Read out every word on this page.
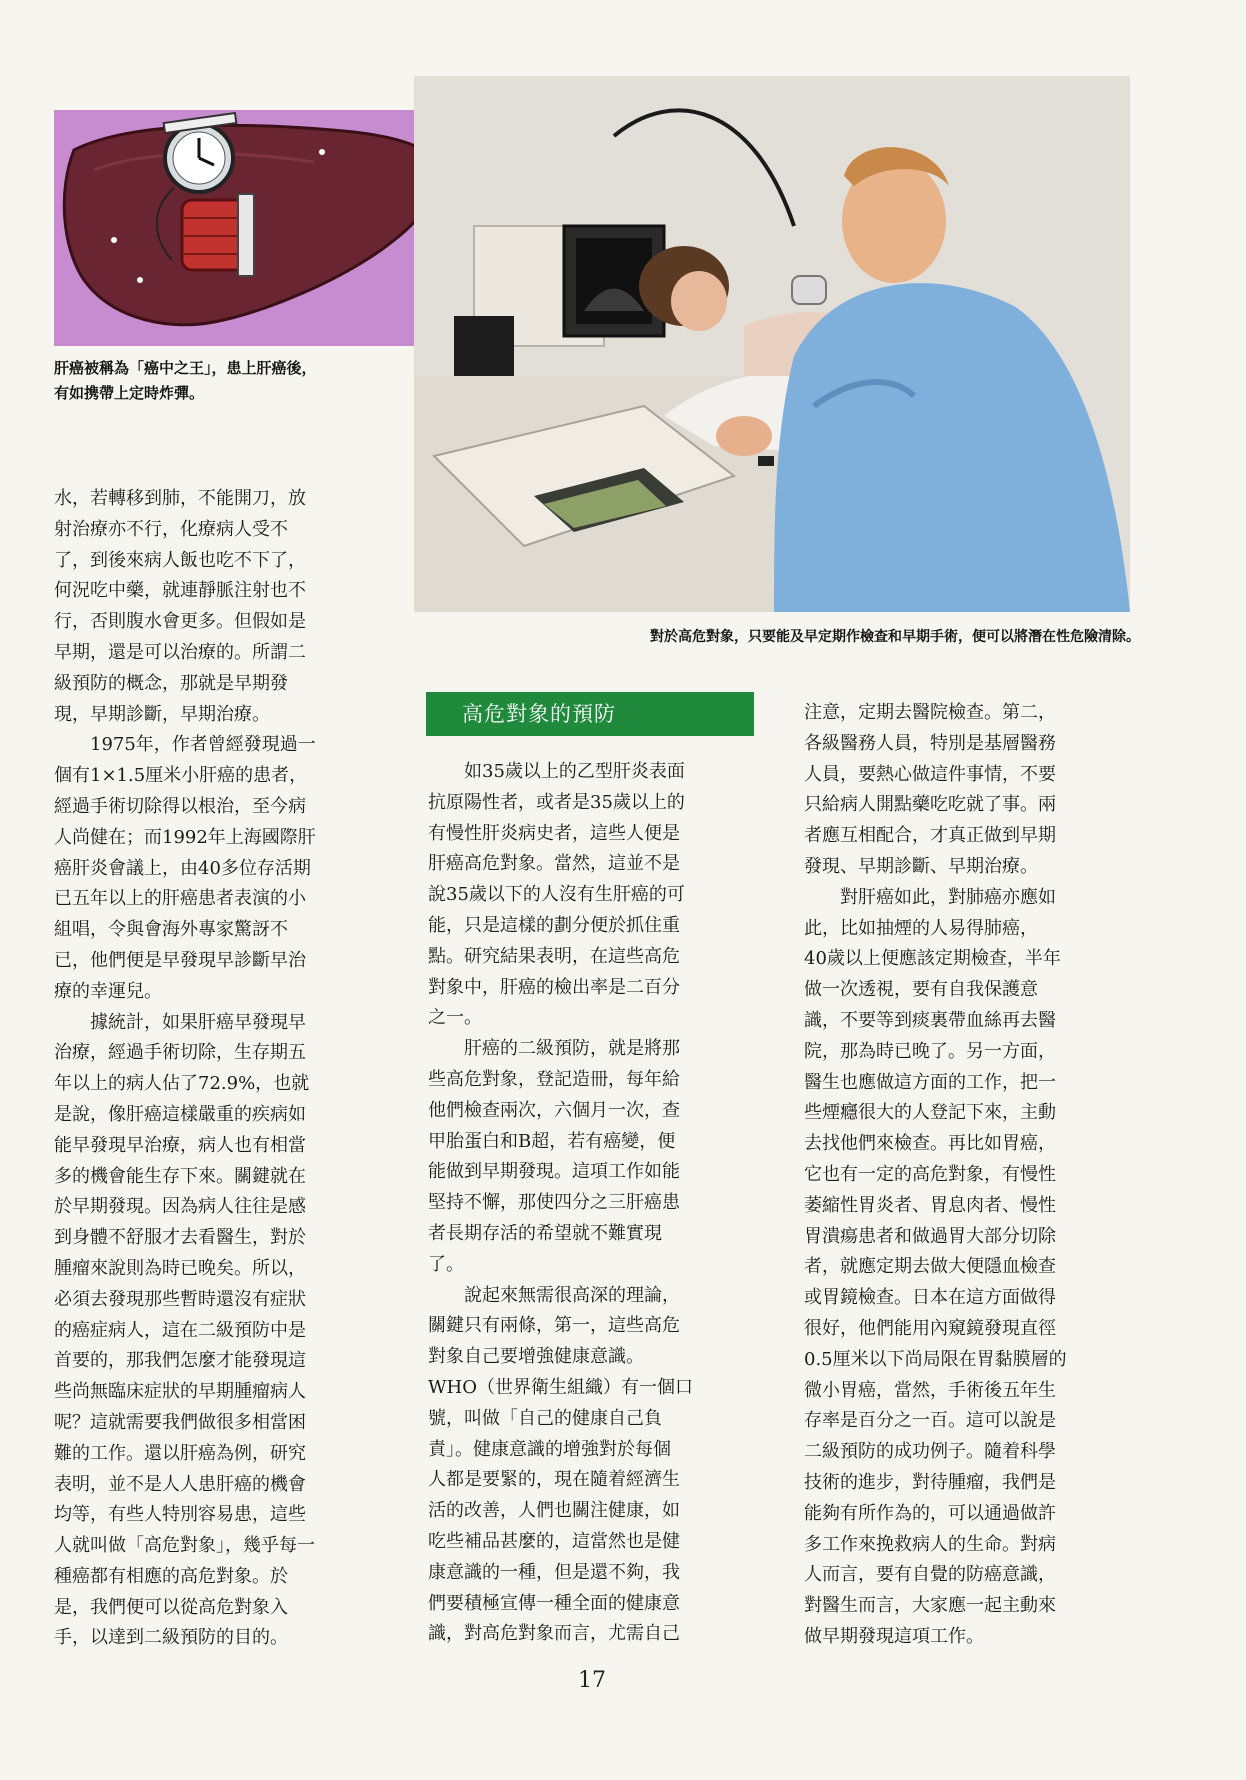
肝癌被稱為「癌中之王」，患上肝癌後，
有如携帶上定時炸彈。
對於高危對象，只要能及早定期作檢查和早期手術，便可以將潛在性危險清除。
高危對象的預防
水，若轉移到肺，不能開刀，放
射治療亦不行，化療病人受不
了，到後來病人飯也吃不下了，
何況吃中藥，就連靜脈注射也不
行，否則腹水會更多。但假如是
早期，還是可以治療的。所謂二
級預防的概念，那就是早期發
現，早期診斷，早期治療。
　　1975年，作者曾經發現過一
個有1×1.5厘米小肝癌的患者，
經過手術切除得以根治，至今病
人尚健在；而1992年上海國際肝
癌肝炎會議上，由40多位存活期
已五年以上的肝癌患者表演的小
組唱，令與會海外專家驚訝不
已，他們便是早發現早診斷早治
療的幸運兒。
　　據統計，如果肝癌早發現早
治療，經過手術切除，生存期五
年以上的病人佔了72.9%，也就
是說，像肝癌這樣嚴重的疾病如
能早發現早治療，病人也有相當
多的機會能生存下來。關鍵就在
於早期發現。因為病人往往是感
到身體不舒服才去看醫生，對於
腫瘤來說則為時已晚矣。所以，
必須去發現那些暫時還沒有症狀
的癌症病人，這在二級預防中是
首要的，那我們怎麼才能發現這
些尚無臨床症狀的早期腫瘤病人
呢？這就需要我們做很多相當困
難的工作。還以肝癌為例，研究
表明，並不是人人患肝癌的機會
均等，有些人特別容易患，這些
人就叫做「高危對象」，幾乎每一
種癌都有相應的高危對象。於
是，我們便可以從高危對象入
手，以達到二級預防的目的。
　　如35歲以上的乙型肝炎表面
抗原陽性者，或者是35歲以上的
有慢性肝炎病史者，這些人便是
肝癌高危對象。當然，這並不是
說35歲以下的人沒有生肝癌的可
能，只是這樣的劃分便於抓住重
點。研究結果表明，在這些高危
對象中，肝癌的檢出率是二百分
之一。
　　肝癌的二級預防，就是將那
些高危對象，登記造冊，每年給
他們檢查兩次，六個月一次，查
甲胎蛋白和B超，若有癌變，便
能做到早期發現。這項工作如能
堅持不懈，那使四分之三肝癌患
者長期存活的希望就不難實現
了。
　　說起來無需很高深的理論，
關鍵只有兩條，第一，這些高危
對象自己要增強健康意識。
WHO（世界衛生組織）有一個口
號，叫做「自己的健康自己負
責」。健康意識的增強對於每個
人都是要緊的，現在隨着經濟生
活的改善，人們也關注健康，如
吃些補品甚麼的，這當然也是健
康意識的一種，但是還不夠，我
們要積極宣傳一種全面的健康意
識，對高危對象而言，尤需自己
注意，定期去醫院檢查。第二，
各級醫務人員，特別是基層醫務
人員，要熱心做這件事情，不要
只給病人開點藥吃吃就了事。兩
者應互相配合，才真正做到早期
發現、早期診斷、早期治療。
　　對肝癌如此，對肺癌亦應如
此，比如抽煙的人易得肺癌，
40歲以上便應該定期檢查，半年
做一次透視，要有自我保護意
識，不要等到痰裏帶血絲再去醫
院，那為時已晚了。另一方面，
醫生也應做這方面的工作，把一
些煙癮很大的人登記下來，主動
去找他們來檢查。再比如胃癌，
它也有一定的高危對象，有慢性
萎縮性胃炎者、胃息肉者、慢性
胃潰瘍患者和做過胃大部分切除
者，就應定期去做大便隱血檢查
或胃鏡檢查。日本在這方面做得
很好，他們能用內窺鏡發現直徑
0.5厘米以下尚局限在胃黏膜層的
微小胃癌，當然，手術後五年生
存率是百分之一百。這可以說是
二級預防的成功例子。隨着科學
技術的進步，對待腫瘤，我們是
能夠有所作為的，可以通過做許
多工作來挽救病人的生命。對病
人而言，要有自覺的防癌意識，
對醫生而言，大家應一起主動來
做早期發現這項工作。
17
